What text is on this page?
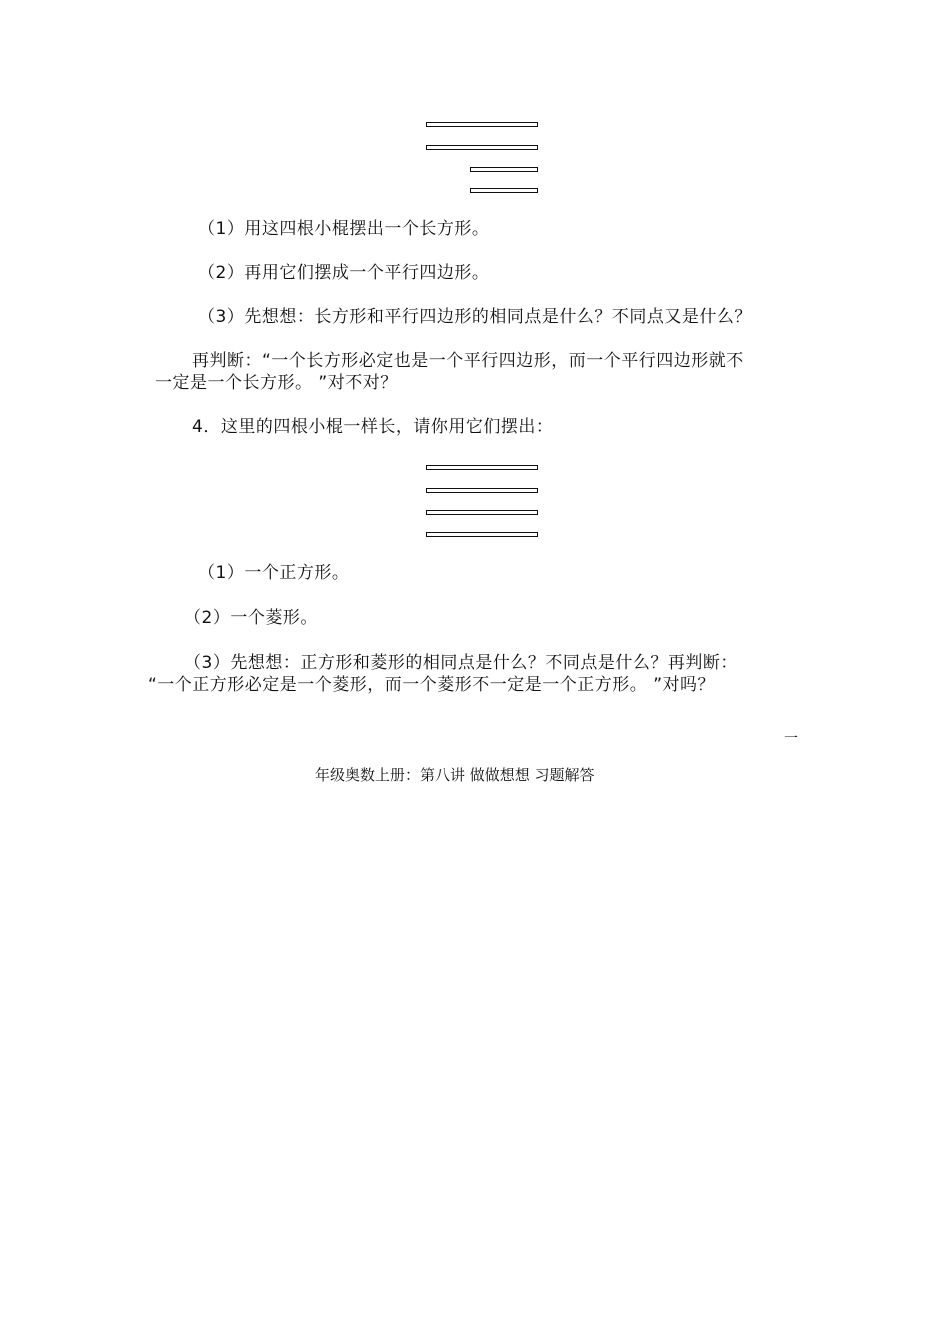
（1）用这四根小棍摆出一个长方形。
（2）再用它们摆成一个平行四边形。
（3）先想想：长方形和平行四边形的相同点是什么？不同点又是什么？
再判断：“一个长方形必定也是一个平行四边形，而一个平行四边形就不
一定是一个长方形。 ”对不对？
4．这里的四根小棍一样长，请你用它们摆出：
（1）一个正方形。
（2）一个菱形。
（3）先想想：正方形和菱形的相同点是什么？不同点是什么？再判断：
“一个正方形必定是一个菱形，而一个菱形不一定是一个正方形。 ”对吗？
一
年级奥数上册：第八讲 做做想想 习题解答
